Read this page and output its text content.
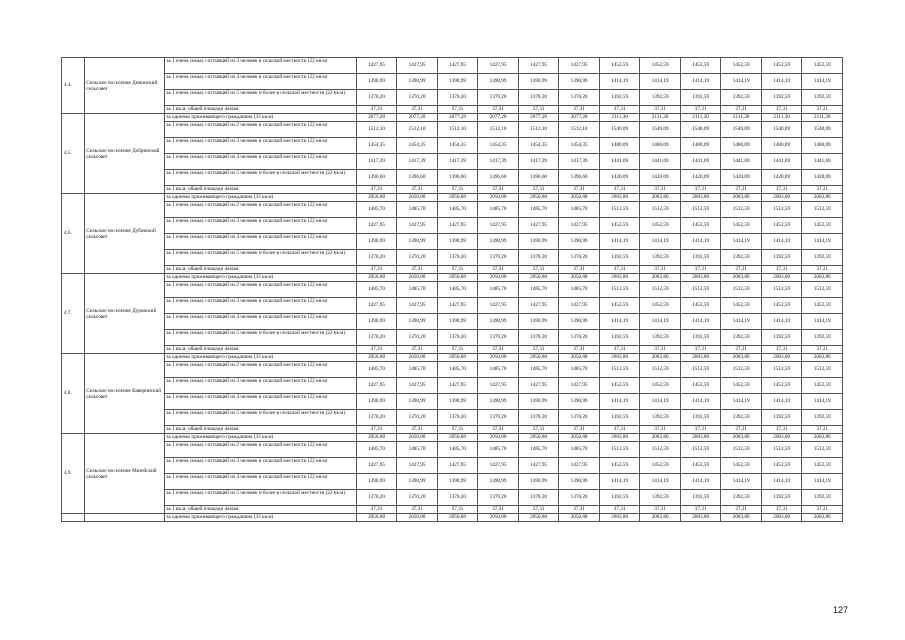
4.4.	Сельское поселение Деминский сельсовет	за 1 члена семьи, состоящей из 3 человек в сельской местности (22 кв.м)	1427,95	1427,95	1427,95	1427,95	1427,95	1427,95	1452,59	1452,59	1452,59	1452,59	1452,59	1452,59
		за 1 члена семьи, состоящей из 4 человек в сельской местности (22 кв.м)	1390,99	1390,99	1390,99	1390,99	1390,99	1390,99	1414,19	1414,19	1414,19	1414,19	1414,19	1414,19
		за 1 члена семьи, состоящей из 5 человек и более в сельской местности (22 кв.м)	1370,20	1370,20	1370,20	1370,20	1370,20	1370,20	1392,59	1392,59	1392,59	1392,59	1392,59	1392,59
		за 1 кв.м. общей площади жилья	37,31	37,31	37,31	37,31	37,31	37,31	37,31	37,31	37,31	37,31	37,31	37,31
4.5.	Сельское поселение Добринский сельсовет	за одиноко проживающего гражданина (33 кв.м)	2077,28	2077,28	2077,28	2077,28	2077,28	2077,28	2111,30	2111,30	2111,30	2111,30	2111,30	2111,30
		за 1 члена семьи, состоящей из 2 человек в сельской местности (22 кв.м)	1512,10	1512,10	1512,10	1512,10	1512,10	1512,10	1540,09	1540,09	1540,09	1540,09	1540,09	1540,09
		за 1 члена семьи, состоящей из 3 человек в сельской местности (22 кв.м)	1454,35	1454,35	1454,35	1454,35	1454,35	1454,35	1480,09	1480,09	1480,09	1480,09	1480,09	1480,09
		за 1 члена семьи, состоящей из 4 человек в сельской местности (22 кв.м)	1417,39	1417,39	1417,39	1417,39	1417,39	1417,39	1441,69	1441,69	1441,69	1441,69	1441,69	1441,69
		за 1 члена семьи, состоящей из 5 человек и более в сельской местности (22 кв.м)	1396,60	1396,60	1396,60	1396,60	1396,60	1396,60	1420,09	1420,09	1420,09	1420,09	1420,09	1420,09
		за 1 кв.м. общей площади жилья	37,31	37,31	37,31	37,31	37,31	37,31	37,31	37,31	37,31	37,31	37,31	37,31
4.6.	Сельское поселение Дубовской сельсовет	за одиноко проживающего гражданина (33 кв.м)	2050,88	2050,88	2050,88	2050,88	2050,88	2050,88	2083,80	2083,80	2083,80	2083,80	2083,80	2083,80
		за 1 члена семьи, состоящей из 2 человек в сельской местности (22 кв.м)	1485,70	1485,70	1485,70	1485,70	1485,70	1485,70	1512,59	1512,59	1512,59	1512,59	1512,59	1512,59
		за 1 члена семьи, состоящей из 3 человек в сельской местности (22 кв.м)	1427,95	1427,95	1427,95	1427,95	1427,95	1427,95	1452,59	1452,59	1452,59	1452,59	1452,59	1452,59
		за 1 члена семьи, состоящей из 4 человек в сельской местности (22 кв.м)	1390,99	1390,99	1390,99	1390,99	1390,99	1390,99	1414,19	1414,19	1414,19	1414,19	1414,19	1414,19
		за 1 члена семьи, состоящей из 5 человек и более в сельской местности (22 кв.м)	1370,20	1370,20	1370,20	1370,20	1370,20	1370,20	1392,59	1392,59	1392,59	1392,59	1392,59	1392,59
		за 1 кв.м. общей площади жилья	37,31	37,31	37,31	37,31	37,31	37,31	37,31	37,31	37,31	37,31	37,31	37,31
4.7.	Сельское поселение Дуровский сельсовет	за одиноко проживающего гражданина (33 кв.м)	2050,88	2050,88	2050,88	2050,88	2050,88	2050,88	2083,80	2083,80	2083,80	2083,80	2083,80	2083,80
		за 1 члена семьи, состоящей из 2 человек в сельской местности (22 кв.м)	1485,70	1485,70	1485,70	1485,70	1485,70	1485,70	1512,59	1512,59	1512,59	1512,59	1512,59	1512,59
		за 1 члена семьи, состоящей из 3 человек в сельской местности (22 кв.м)	1427,95	1427,95	1427,95	1427,95	1427,95	1427,95	1452,59	1452,59	1452,59	1452,59	1452,59	1452,59
		за 1 члена семьи, состоящей из 4 человек в сельской местности (22 кв.м)	1390,99	1390,99	1390,99	1390,99	1390,99	1390,99	1414,19	1414,19	1414,19	1414,19	1414,19	1414,19
		за 1 члена семьи, состоящей из 5 человек и более в сельской местности (22 кв.м)	1370,20	1370,20	1370,20	1370,20	1370,20	1370,20	1392,59	1392,59	1392,59	1392,59	1392,59	1392,59
		за 1 кв.м. общей площади жилья	37,31	37,31	37,31	37,31	37,31	37,31	37,31	37,31	37,31	37,31	37,31	37,31
4.8.	Сельское поселение Каверинский сельсовет	за одиноко проживающего гражданина (33 кв.м)	2050,88	2050,88	2050,88	2050,88	2050,88	2050,88	2083,80	2083,80	2083,80	2083,80	2083,80	2083,80
		за 1 члена семьи, состоящей из 2 человек в сельской местности (22 кв.м)	1485,70	1485,70	1485,70	1485,70	1485,70	1485,70	1512,59	1512,59	1512,59	1512,59	1512,59	1512,59
		за 1 члена семьи, состоящей из 3 человек в сельской местности (22 кв.м)	1427,95	1427,95	1427,95	1427,95	1427,95	1427,95	1452,59	1452,59	1452,59	1452,59	1452,59	1452,59
		за 1 члена семьи, состоящей из 4 человек в сельской местности (22 кв.м)	1390,99	1390,99	1390,99	1390,99	1390,99	1390,99	1414,19	1414,19	1414,19	1414,19	1414,19	1414,19
		за 1 члена семьи, состоящей из 5 человек и более в сельской местности (22 кв.м)	1370,20	1370,20	1370,20	1370,20	1370,20	1370,20	1392,59	1392,59	1392,59	1392,59	1392,59	1392,59
		за 1 кв.м. общей площади жилья	37,31	37,31	37,31	37,31	37,31	37,31	37,31	37,31	37,31	37,31	37,31	37,31
4.9.	Сельское поселение Мазейский сельсовет	за одиноко проживающего гражданина (33 кв.м)	2050,88	2050,88	2050,88	2050,88	2050,88	2050,88	2083,80	2083,80	2083,80	2083,80	2083,80	2083,80
		за 1 члена семьи, состоящей из 2 человек в сельской местности (22 кв.м)	1485,70	1485,70	1485,70	1485,70	1485,70	1485,70	1512,59	1512,59	1512,59	1512,59	1512,59	1512,59
		за 1 члена семьи, состоящей из 3 человек в сельской местности (22 кв.м)	1427,95	1427,95	1427,95	1427,95	1427,95	1427,95	1452,59	1452,59	1452,59	1452,59	1452,59	1452,59
		за 1 члена семьи, состоящей из 4 человек в сельской местности (22 кв.м)	1390,99	1390,99	1390,99	1390,99	1390,99	1390,99	1414,19	1414,19	1414,19	1414,19	1414,19	1414,19
		за 1 члена семьи, состоящей из 5 человек и более в сельской местности (22 кв.м)	1370,20	1370,20	1370,20	1370,20	1370,20	1370,20	1392,59	1392,59	1392,59	1392,59	1392,59	1392,59
		за 1 кв.м. общей площади жилья	37,31	37,31	37,31	37,31	37,31	37,31	37,31	37,31	37,31	37,31	37,31	37,31
		за одиноко проживающего гражданина (33 кв.м)	2050,88	2050,88	2050,88	2050,88	2050,88	2050,88	2083,80	2083,80	2083,80	2083,80	2083,80	2083,80
127
